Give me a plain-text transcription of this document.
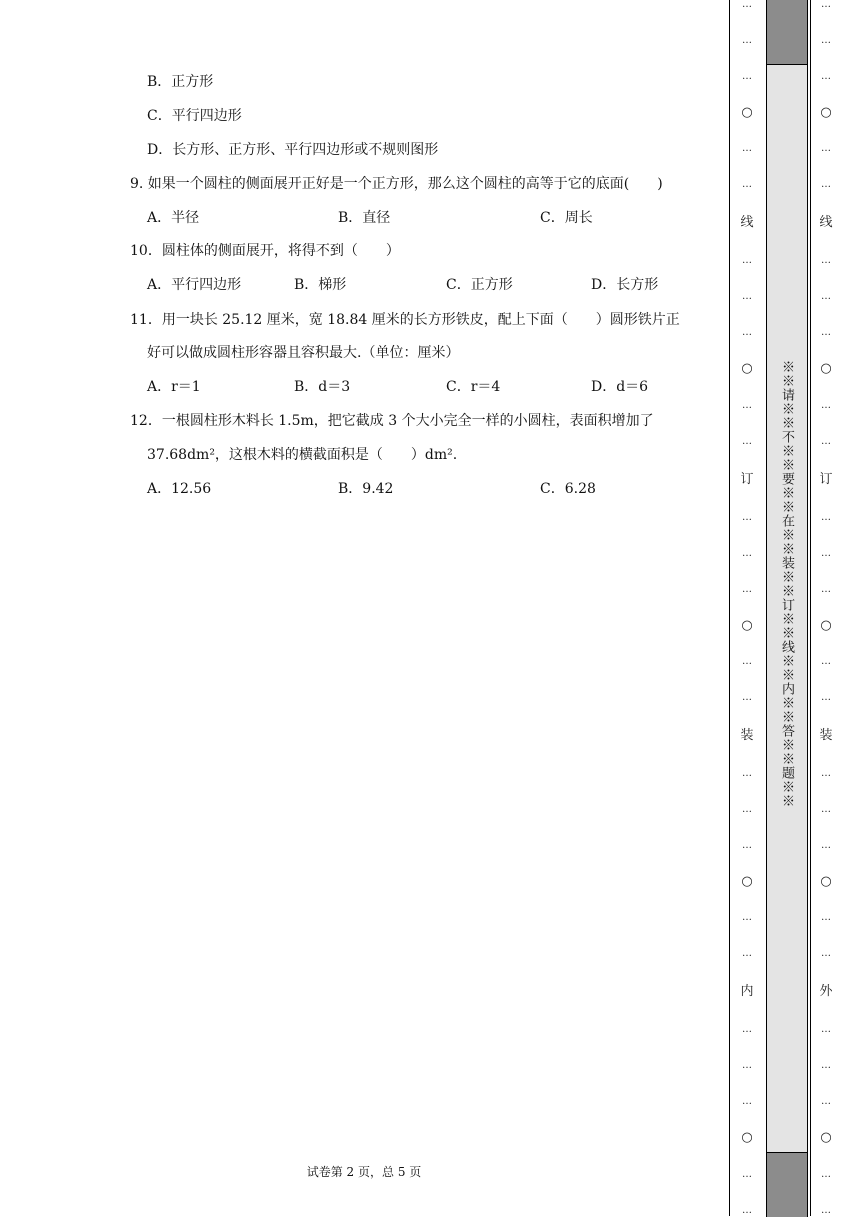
B．正方形
C．平行四边形
D．长方形、正方形、平行四边形或不规则图形
9. 如果一个圆柱的侧面展开正好是一个正方形，那么这个圆柱的高等于它的底面(　　)
A．半径	B．直径	C．周长
10．圆柱体的侧面展开，将得不到（　　）
A．平行四边形	B．梯形	C．正方形	D．长方形
11．用一块长 25.12 厘米，宽 18.84 厘米的长方形铁皮，配上下面（　　）圆形铁片正
好可以做成圆柱形容器且容积最大.（单位：厘米）
A．r＝1	B．d＝3	C．r＝4	D．d＝6
12．一根圆柱形木料长 1.5m，把它截成 3 个大小完全一样的小圆柱，表面积增加了
37.68dm²，这根木料的横截面积是（　　）dm².
A．12.56	B．9.42	C．6.28
试卷第 2 页，总 5 页
…
…
…
○
…
…
线
…
…
…
○
…
…
订
…
…
…
○
…
…
装
…
…
…
○
…
…
内
…
…
…
○
…
…
※※请※※不※※要※※在※※装※※订※※线※※内※※答※※题※※
…
…
…
○
…
…
线
…
…
…
○
…
…
订
…
…
…
○
…
…
装
…
…
…
○
…
…
外
…
…
…
○
…
…
